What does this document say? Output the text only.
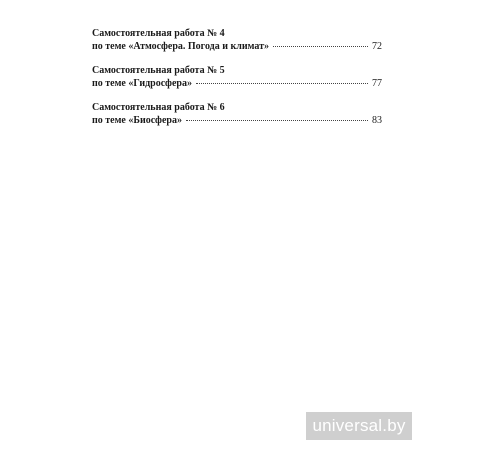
Самостоятельная работа № 4
по теме «Атмосфера. Погода и климат»	72
Самостоятельная работа № 5
по теме «Гидросфера»	77
Самостоятельная работа № 6
по теме «Биосфера»	83
universal.by
